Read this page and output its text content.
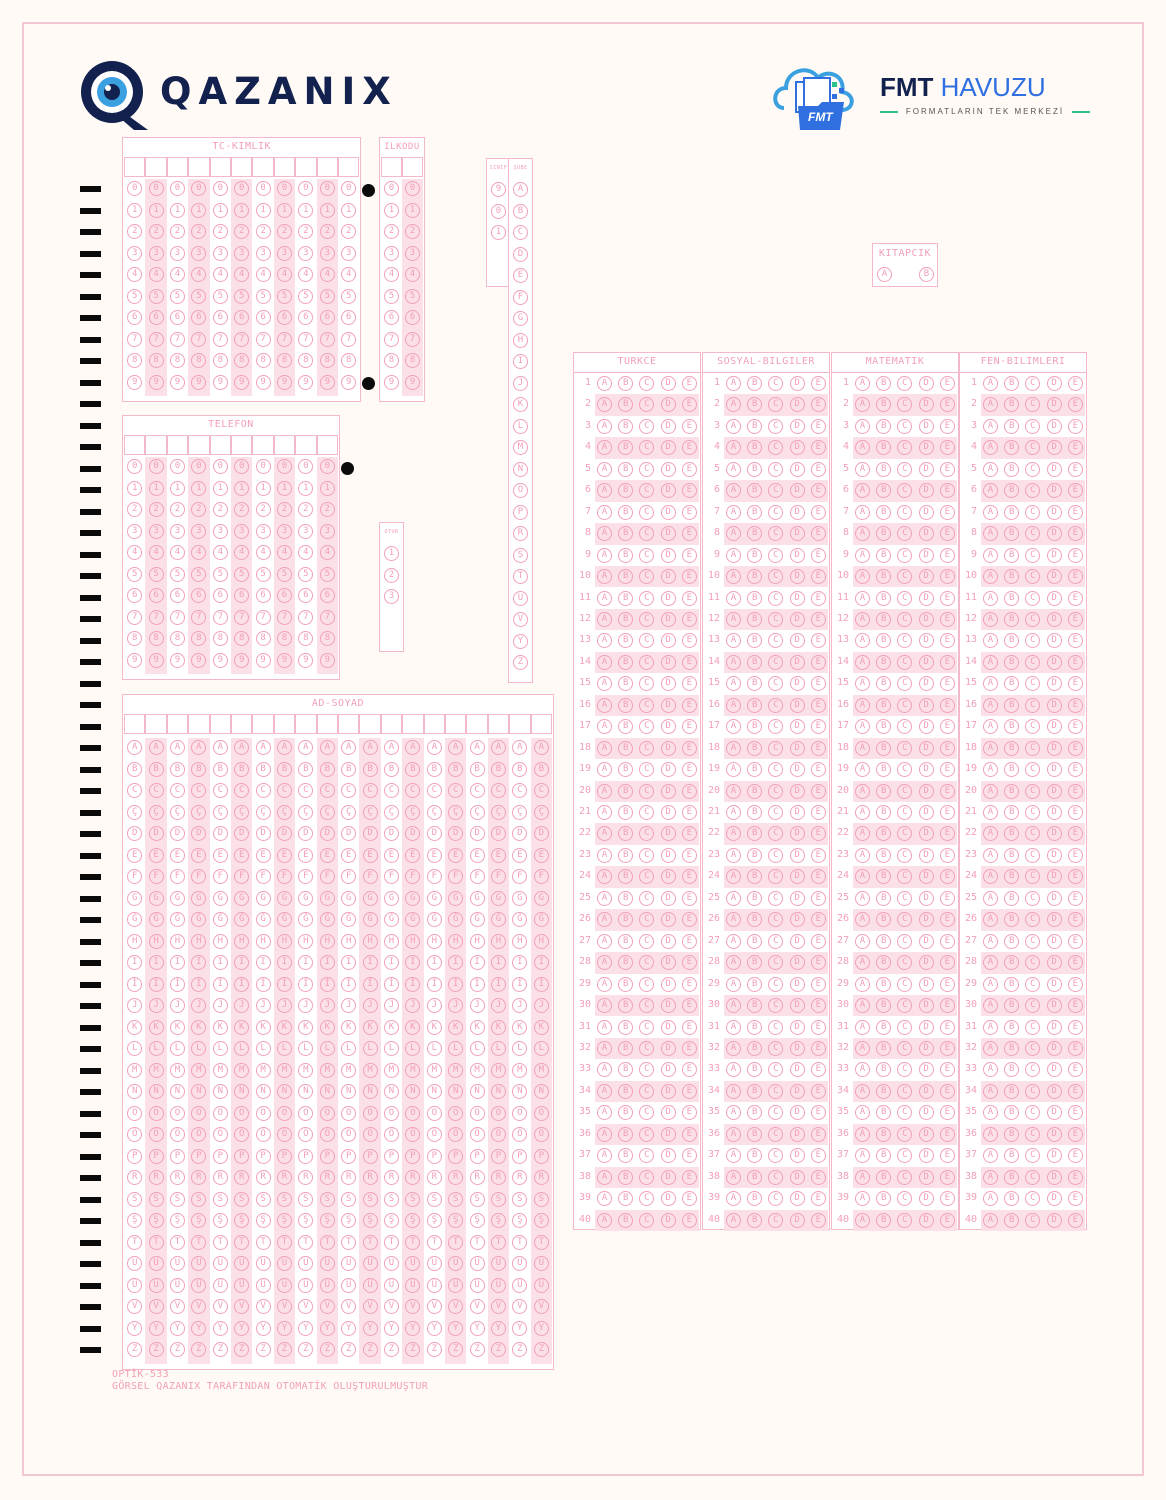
QAZANIX
FMT
FMT HAVUZU
FORMATLARIN TEK MERKEZİ
TC-KIMLIK
0	0	0	0	0	0	0	0	0	0	0
1	1	1	1	1	1	1	1	1	1	1
2	2	2	2	2	2	2	2	2	2	2
3	3	3	3	3	3	3	3	3	3	3
4	4	4	4	4	4	4	4	4	4	4
5	5	5	5	5	5	5	5	5	5	5
6	6	6	6	6	6	6	6	6	6	6
7	7	7	7	7	7	7	7	7	7	7
8	8	8	8	8	8	8	8	8	8	8
9	9	9	9	9	9	9	9	9	9	9
ILKODU
0	0
1	1
2	2
3	3
4	4
5	5
6	6
7	7
8	8
9	9
TELEFON
0	0	0	0	0	0	0	0	0	0
1	1	1	1	1	1	1	1	1	1
2	2	2	2	2	2	2	2	2	2
3	3	3	3	3	3	3	3	3	3
4	4	4	4	4	4	4	4	4	4
5	5	5	5	5	5	5	5	5	5
6	6	6	6	6	6	6	6	6	6
7	7	7	7	7	7	7	7	7	7
8	8	8	8	8	8	8	8	8	8
9	9	9	9	9	9	9	9	9	9
AD-SOYAD
A	A	A	A	A	A	A	A	A	A	A	A	A	A	A	A	A	A	A	A
B	B	B	B	B	B	B	B	B	B	B	B	B	B	B	B	B	B	B	B
C	C	C	C	C	C	C	C	C	C	C	C	C	C	C	C	C	C	C	C
Ç	Ç	Ç	Ç	Ç	Ç	Ç	Ç	Ç	Ç	Ç	Ç	Ç	Ç	Ç	Ç	Ç	Ç	Ç	Ç
D	D	D	D	D	D	D	D	D	D	D	D	D	D	D	D	D	D	D	D
E	E	E	E	E	E	E	E	E	E	E	E	E	E	E	E	E	E	E	E
F	F	F	F	F	F	F	F	F	F	F	F	F	F	F	F	F	F	F	F
G	G	G	G	G	G	G	G	G	G	G	G	G	G	G	G	G	G	G	G
Ğ	Ğ	Ğ	Ğ	Ğ	Ğ	Ğ	Ğ	Ğ	Ğ	Ğ	Ğ	Ğ	Ğ	Ğ	Ğ	Ğ	Ğ	Ğ	Ğ
H	H	H	H	H	H	H	H	H	H	H	H	H	H	H	H	H	H	H	H
I	I	I	I	I	I	I	I	I	I	I	I	I	I	I	I	I	I	I	I
İ	İ	İ	İ	İ	İ	İ	İ	İ	İ	İ	İ	İ	İ	İ	İ	İ	İ	İ	İ
J	J	J	J	J	J	J	J	J	J	J	J	J	J	J	J	J	J	J	J
K	K	K	K	K	K	K	K	K	K	K	K	K	K	K	K	K	K	K	K
L	L	L	L	L	L	L	L	L	L	L	L	L	L	L	L	L	L	L	L
M	M	M	M	M	M	M	M	M	M	M	M	M	M	M	M	M	M	M	M
N	N	N	N	N	N	N	N	N	N	N	N	N	N	N	N	N	N	N	N
O	O	O	O	O	O	O	O	O	O	O	O	O	O	O	O	O	O	O	O
Ö	Ö	Ö	Ö	Ö	Ö	Ö	Ö	Ö	Ö	Ö	Ö	Ö	Ö	Ö	Ö	Ö	Ö	Ö	Ö
P	P	P	P	P	P	P	P	P	P	P	P	P	P	P	P	P	P	P	P
R	R	R	R	R	R	R	R	R	R	R	R	R	R	R	R	R	R	R	R
S	S	S	S	S	S	S	S	S	S	S	S	S	S	S	S	S	S	S	S
Ş	Ş	Ş	Ş	Ş	Ş	Ş	Ş	Ş	Ş	Ş	Ş	Ş	Ş	Ş	Ş	Ş	Ş	Ş	Ş
T	T	T	T	T	T	T	T	T	T	T	T	T	T	T	T	T	T	T	T
U	U	U	U	U	U	U	U	U	U	U	U	U	U	U	U	U	U	U	U
Ü	Ü	Ü	Ü	Ü	Ü	Ü	Ü	Ü	Ü	Ü	Ü	Ü	Ü	Ü	Ü	Ü	Ü	Ü	Ü
V	V	V	V	V	V	V	V	V	V	V	V	V	V	V	V	V	V	V	V
Y	Y	Y	Y	Y	Y	Y	Y	Y	Y	Y	Y	Y	Y	Y	Y	Y	Y	Y	Y
Z	Z	Z	Z	Z	Z	Z	Z	Z	Z	Z	Z	Z	Z	Z	Z	Z	Z	Z	Z
SINIF
9
0
1
ŞUBE
A
B
C
D
E
F
G
H
I
J
K
L
M
N
O
P
R
S
T
U
V
Y
Z
OTUR
1
2
3
KITAPCIK
A	B
TURKCE
1	A	B	C	D	E
2	A	B	C	D	E
3	A	B	C	D	E
4	A	B	C	D	E
5	A	B	C	D	E
6	A	B	C	D	E
7	A	B	C	D	E
8	A	B	C	D	E
9	A	B	C	D	E
10	A	B	C	D	E
11	A	B	C	D	E
12	A	B	C	D	E
13	A	B	C	D	E
14	A	B	C	D	E
15	A	B	C	D	E
16	A	B	C	D	E
17	A	B	C	D	E
18	A	B	C	D	E
19	A	B	C	D	E
20	A	B	C	D	E
21	A	B	C	D	E
22	A	B	C	D	E
23	A	B	C	D	E
24	A	B	C	D	E
25	A	B	C	D	E
26	A	B	C	D	E
27	A	B	C	D	E
28	A	B	C	D	E
29	A	B	C	D	E
30	A	B	C	D	E
31	A	B	C	D	E
32	A	B	C	D	E
33	A	B	C	D	E
34	A	B	C	D	E
35	A	B	C	D	E
36	A	B	C	D	E
37	A	B	C	D	E
38	A	B	C	D	E
39	A	B	C	D	E
40	A	B	C	D	E
SOSYAL-BILGILER
1	A	B	C	D	E
2	A	B	C	D	E
3	A	B	C	D	E
4	A	B	C	D	E
5	A	B	C	D	E
6	A	B	C	D	E
7	A	B	C	D	E
8	A	B	C	D	E
9	A	B	C	D	E
10	A	B	C	D	E
11	A	B	C	D	E
12	A	B	C	D	E
13	A	B	C	D	E
14	A	B	C	D	E
15	A	B	C	D	E
16	A	B	C	D	E
17	A	B	C	D	E
18	A	B	C	D	E
19	A	B	C	D	E
20	A	B	C	D	E
21	A	B	C	D	E
22	A	B	C	D	E
23	A	B	C	D	E
24	A	B	C	D	E
25	A	B	C	D	E
26	A	B	C	D	E
27	A	B	C	D	E
28	A	B	C	D	E
29	A	B	C	D	E
30	A	B	C	D	E
31	A	B	C	D	E
32	A	B	C	D	E
33	A	B	C	D	E
34	A	B	C	D	E
35	A	B	C	D	E
36	A	B	C	D	E
37	A	B	C	D	E
38	A	B	C	D	E
39	A	B	C	D	E
40	A	B	C	D	E
MATEMATIK
1	A	B	C	D	E
2	A	B	C	D	E
3	A	B	C	D	E
4	A	B	C	D	E
5	A	B	C	D	E
6	A	B	C	D	E
7	A	B	C	D	E
8	A	B	C	D	E
9	A	B	C	D	E
10	A	B	C	D	E
11	A	B	C	D	E
12	A	B	C	D	E
13	A	B	C	D	E
14	A	B	C	D	E
15	A	B	C	D	E
16	A	B	C	D	E
17	A	B	C	D	E
18	A	B	C	D	E
19	A	B	C	D	E
20	A	B	C	D	E
21	A	B	C	D	E
22	A	B	C	D	E
23	A	B	C	D	E
24	A	B	C	D	E
25	A	B	C	D	E
26	A	B	C	D	E
27	A	B	C	D	E
28	A	B	C	D	E
29	A	B	C	D	E
30	A	B	C	D	E
31	A	B	C	D	E
32	A	B	C	D	E
33	A	B	C	D	E
34	A	B	C	D	E
35	A	B	C	D	E
36	A	B	C	D	E
37	A	B	C	D	E
38	A	B	C	D	E
39	A	B	C	D	E
40	A	B	C	D	E
FEN-BILIMLERI
1	A	B	C	D	E
2	A	B	C	D	E
3	A	B	C	D	E
4	A	B	C	D	E
5	A	B	C	D	E
6	A	B	C	D	E
7	A	B	C	D	E
8	A	B	C	D	E
9	A	B	C	D	E
10	A	B	C	D	E
11	A	B	C	D	E
12	A	B	C	D	E
13	A	B	C	D	E
14	A	B	C	D	E
15	A	B	C	D	E
16	A	B	C	D	E
17	A	B	C	D	E
18	A	B	C	D	E
19	A	B	C	D	E
20	A	B	C	D	E
21	A	B	C	D	E
22	A	B	C	D	E
23	A	B	C	D	E
24	A	B	C	D	E
25	A	B	C	D	E
26	A	B	C	D	E
27	A	B	C	D	E
28	A	B	C	D	E
29	A	B	C	D	E
30	A	B	C	D	E
31	A	B	C	D	E
32	A	B	C	D	E
33	A	B	C	D	E
34	A	B	C	D	E
35	A	B	C	D	E
36	A	B	C	D	E
37	A	B	C	D	E
38	A	B	C	D	E
39	A	B	C	D	E
40	A	B	C	D	E
OPTİK-533
GÖRSEL QAZANIX TARAFINDAN OTOMATİK OLUŞTURULMUŞTUR
